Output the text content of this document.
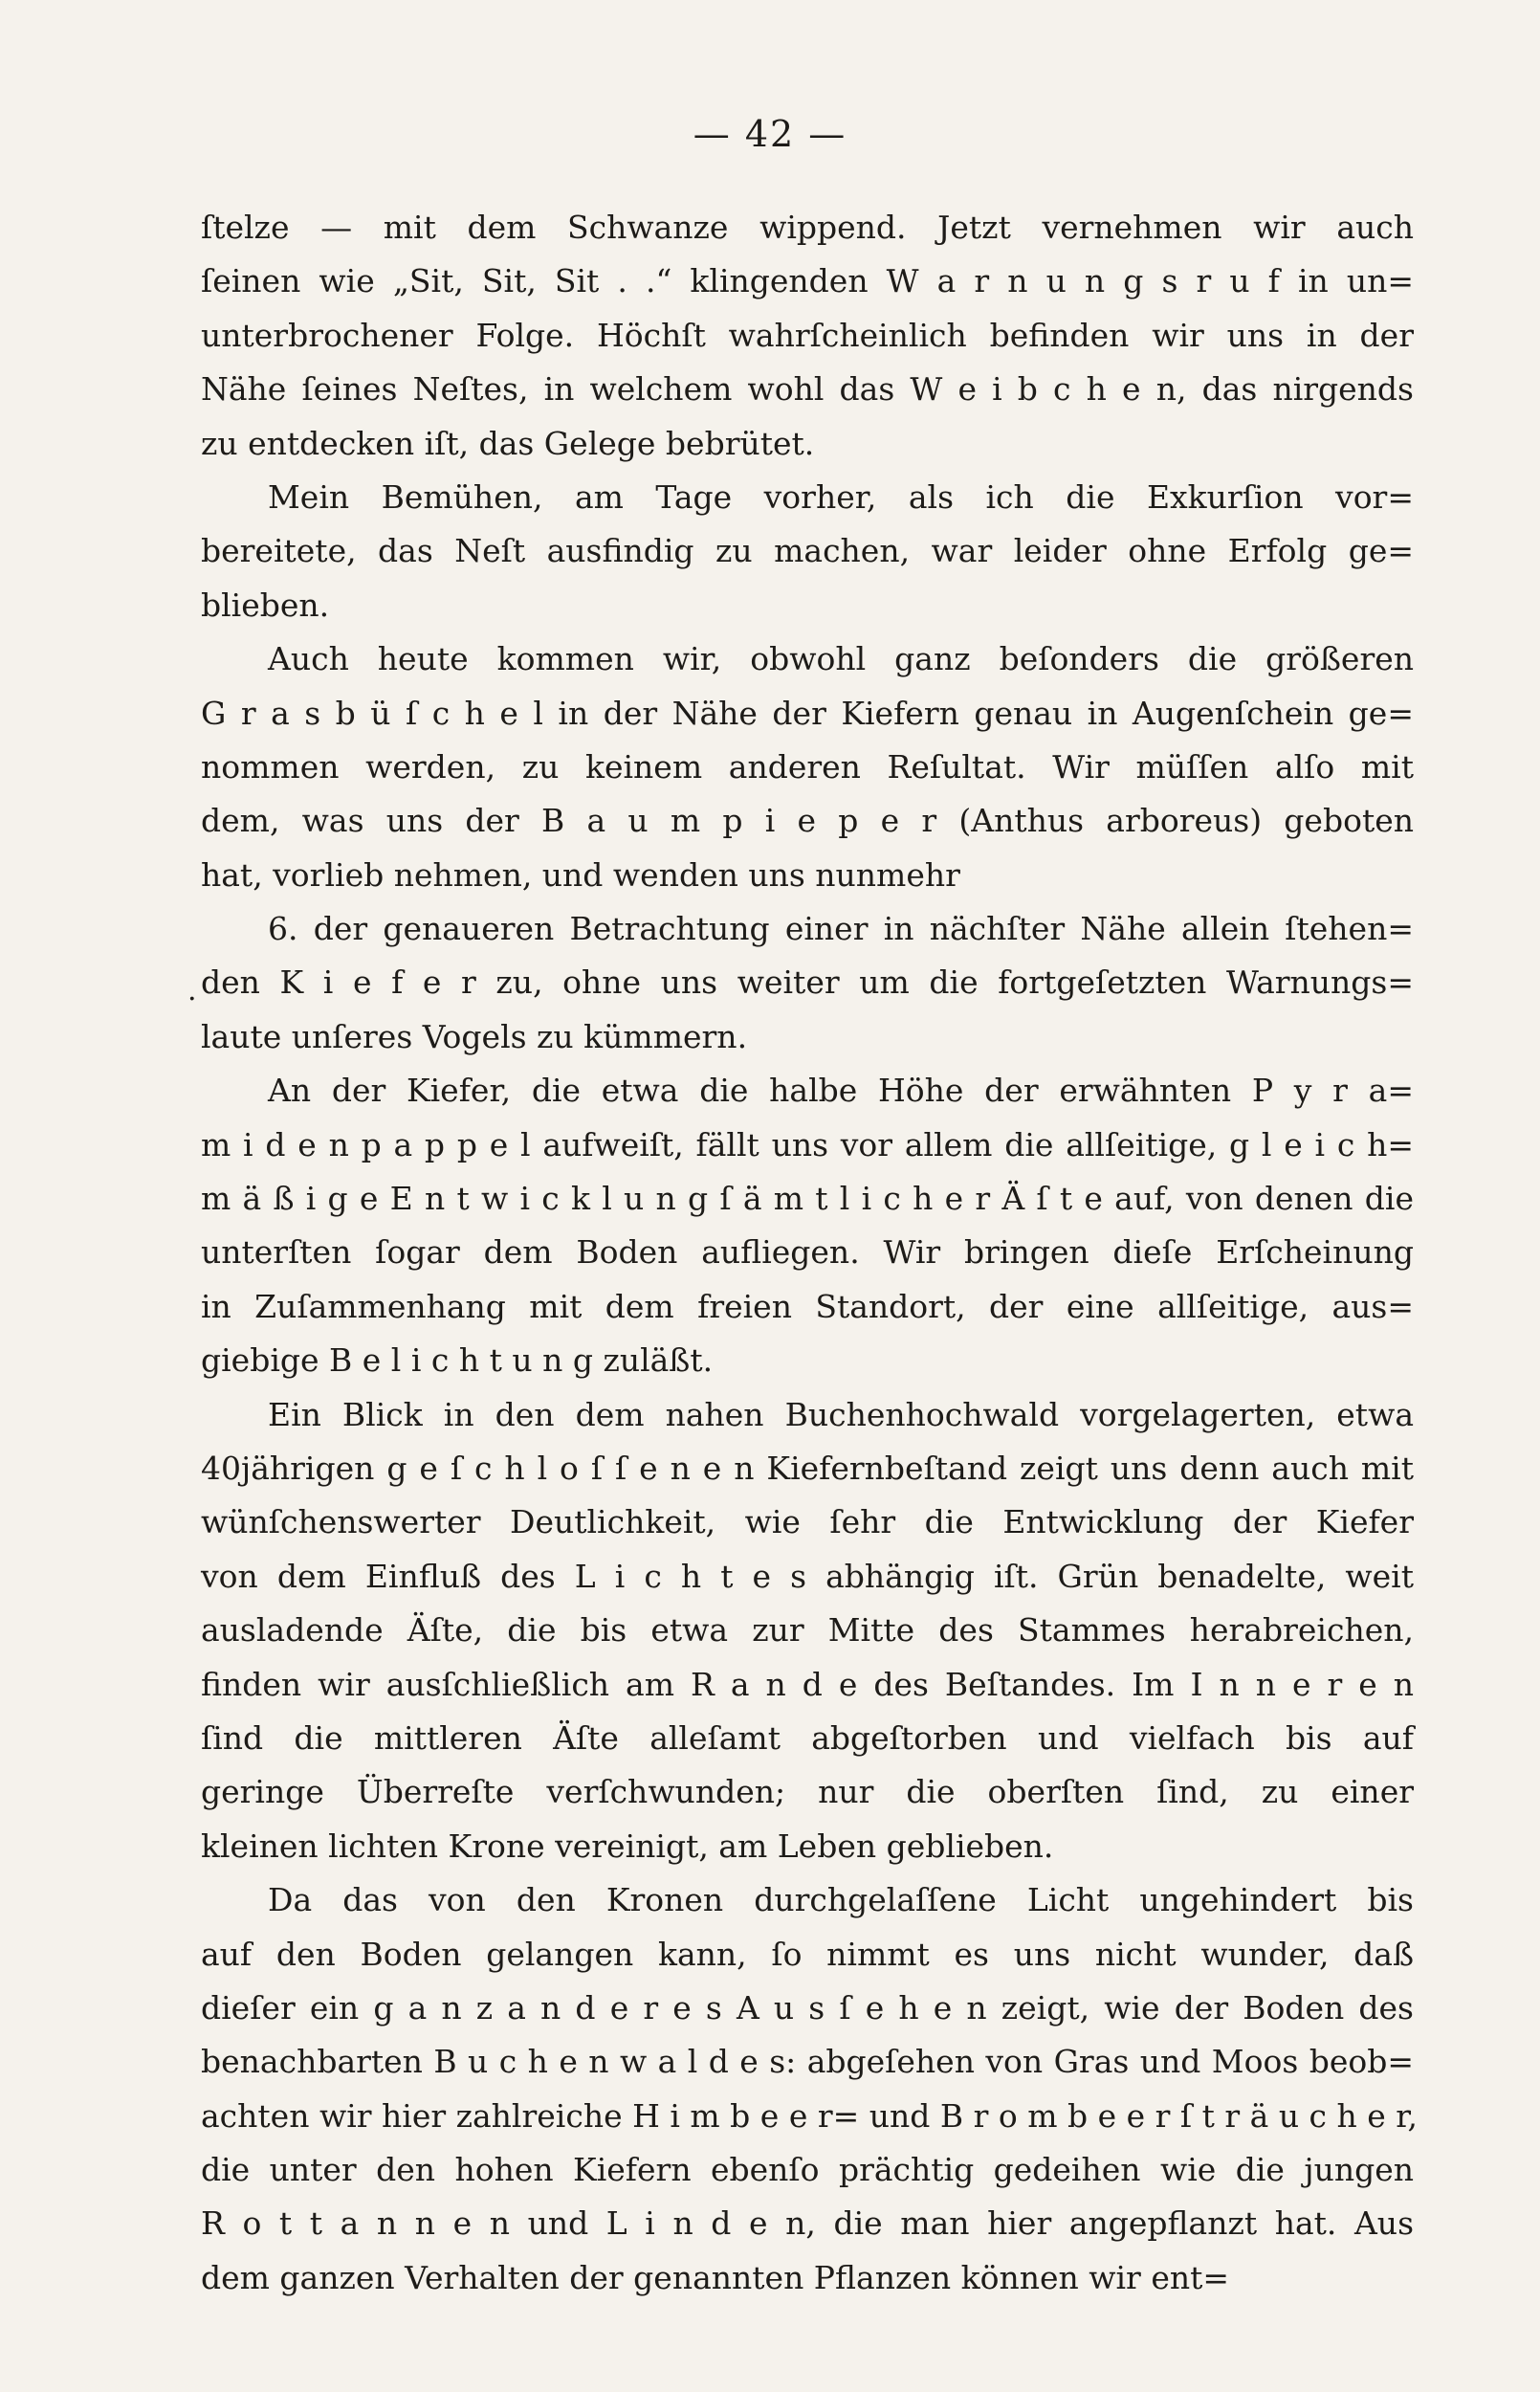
— 42 —
.
ſtelze — mit dem Schwanze wippend. Jetzt vernehmen wir auch
ſeinen wie „Sit, Sit, Sit . .“ klingenden W a r n u n g s r u f in un=
unterbrochener Folge. Höchſt wahrſcheinlich befinden wir uns in der
Nähe ſeines Neſtes, in welchem wohl das W e i b c h e n, das nirgends
zu entdecken iſt, das Gelege bebrütet.
Mein Bemühen, am Tage vorher, als ich die Exkurſion vor=
bereitete, das Neſt ausfindig zu machen, war leider ohne Erfolg ge=
blieben.
Auch heute kommen wir, obwohl ganz beſonders die größeren
G r a s b ü ſ c h e l in der Nähe der Kiefern genau in Augenſchein ge=
nommen werden, zu keinem anderen Reſultat. Wir müſſen alſo mit
dem, was uns der B a u m p i e p e r (Anthus arboreus) geboten
hat, vorlieb nehmen, und wenden uns nunmehr
6. der genaueren Betrachtung einer in nächſter Nähe allein ſtehen=
den K i e f e r zu, ohne uns weiter um die fortgeſetzten Warnungs=
laute unſeres Vogels zu kümmern.
An der Kiefer, die etwa die halbe Höhe der erwähnten P y r a=
m i d e n p a p p e l aufweiſt, fällt uns vor allem die allſeitige, g l e i c h=
m ä ß i g e E n t w i c k l u n g ſ ä m t l i c h e r Ä ſ t e auf, von denen die
unterſten ſogar dem Boden aufliegen. Wir bringen dieſe Erſcheinung
in Zuſammenhang mit dem freien Standort, der eine allſeitige, aus=
giebige B e l i c h t u n g zuläßt.
Ein Blick in den dem nahen Buchenhochwald vorgelagerten, etwa
40jährigen g e ſ c h l o ſ ſ e n e n Kiefernbeſtand zeigt uns denn auch mit
wünſchenswerter Deutlichkeit, wie ſehr die Entwicklung der Kiefer
von dem Einfluß des L i c h t e s abhängig iſt. Grün benadelte, weit
ausladende Äſte, die bis etwa zur Mitte des Stammes herabreichen,
finden wir ausſchließlich am R a n d e des Beſtandes. Im I n n e r e n
ſind die mittleren Äſte alleſamt abgeſtorben und vielfach bis auf
geringe Überreſte verſchwunden; nur die oberſten ſind, zu einer
kleinen lichten Krone vereinigt, am Leben geblieben.
Da das von den Kronen durchgelaſſene Licht ungehindert bis
auf den Boden gelangen kann, ſo nimmt es uns nicht wunder, daß
dieſer ein g a n z a n d e r e s A u s ſ e h e n zeigt, wie der Boden des
benachbarten B u c h e n w a l d e s: abgeſehen von Gras und Moos beob=
achten wir hier zahlreiche H i m b e e r= und B r o m b e e r ſ t r ä u c h e r,
die unter den hohen Kiefern ebenſo prächtig gedeihen wie die jungen
R o t t a n n e n und L i n d e n, die man hier angepflanzt hat. Aus
dem ganzen Verhalten der genannten Pflanzen können wir ent=
